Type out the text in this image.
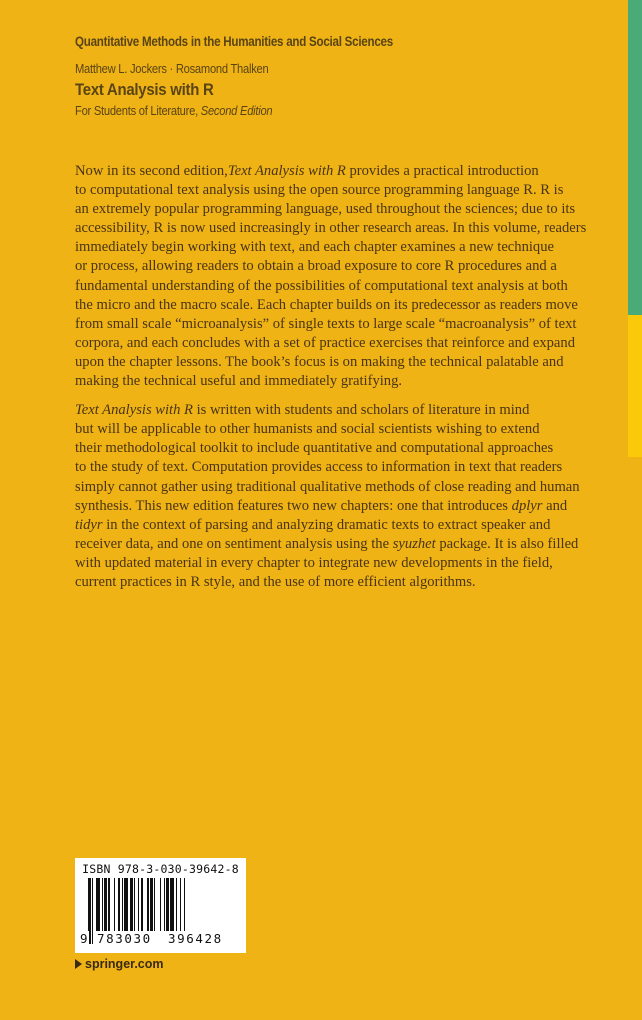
Quantitative Methods in the Humanities and Social Sciences
Matthew L. Jockers · Rosamond Thalken
Text Analysis with R
For Students of Literature, Second Edition

Now in its second edition,Text Analysis with R provides a practical introduction
to computational text analysis using the open source programming language R. R is
an extremely popular programming language, used throughout the sciences; due to its
accessibility, R is now used increasingly in other research areas. In this volume, readers
immediately begin working with text, and each chapter examines a new technique
or process, allowing readers to obtain a broad exposure to core R procedures and a
fundamental understanding of the possibilities of computational text analysis at both
the micro and the macro scale. Each chapter builds on its predecessor as readers move
from small scale “microanalysis” of single texts to large scale “macroanalysis” of text
corpora, and each concludes with a set of practice exercises that reinforce and expand
upon the chapter lessons. The book’s focus is on making the technical palatable and
making the technical useful and immediately gratifying.

Text Analysis with R is written with students and scholars of literature in mind
but will be applicable to other humanists and social scientists wishing to extend
their methodological toolkit to include quantitative and computational approaches
to the study of text. Computation provides access to information in text that readers
simply cannot gather using traditional qualitative methods of close reading and human
synthesis. This new edition features two new chapters: one that introduces dplyr and
tidyr in the context of parsing and analyzing dramatic texts to extract speaker and
receiver data, and one on sentiment analysis using the syuzhet package. It is also filled
with updated material in every chapter to integrate new developments in the field,
current practices in R style, and the use of more efficient algorithms.

ISBN 978-3-030-39642-8
9 783030 396428
springer.com
